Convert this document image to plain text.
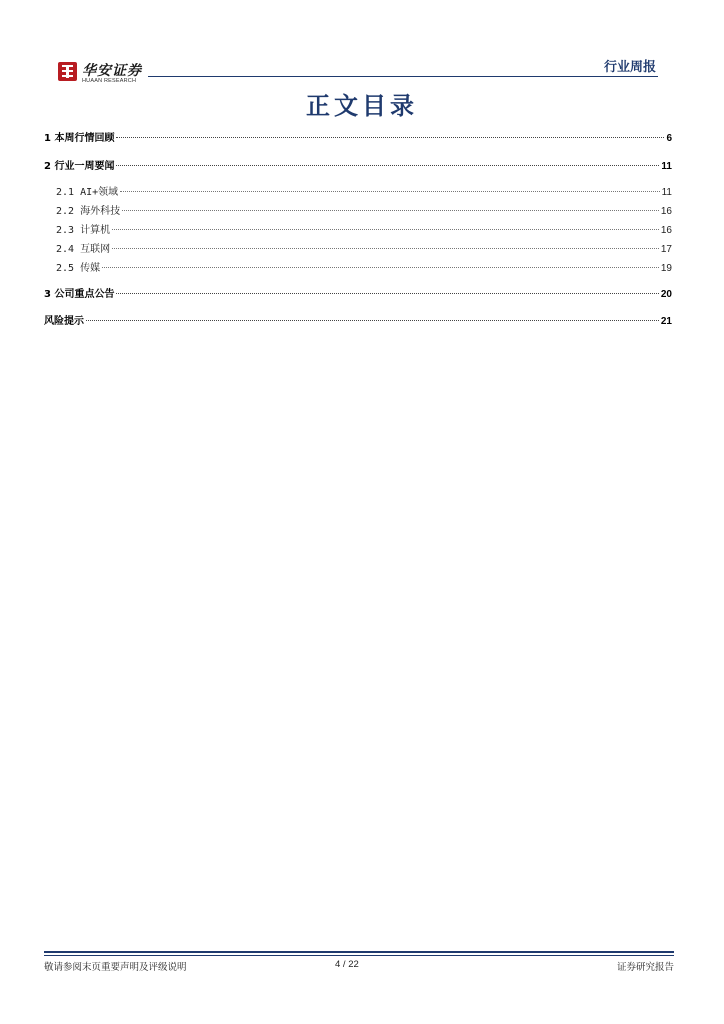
华安证券
HUAAN RESEARCH
行业周报
正文目录
1 本周行情回顾	6
2 行业一周要闻	11
2.1 AI+领域	11
2.2 海外科技	16
2.3 计算机	16
2.4 互联网	17
2.5 传媒	19
3 公司重点公告	20
风险提示	21
敬请参阅末页重要声明及评级说明	4 / 22	证券研究报告
